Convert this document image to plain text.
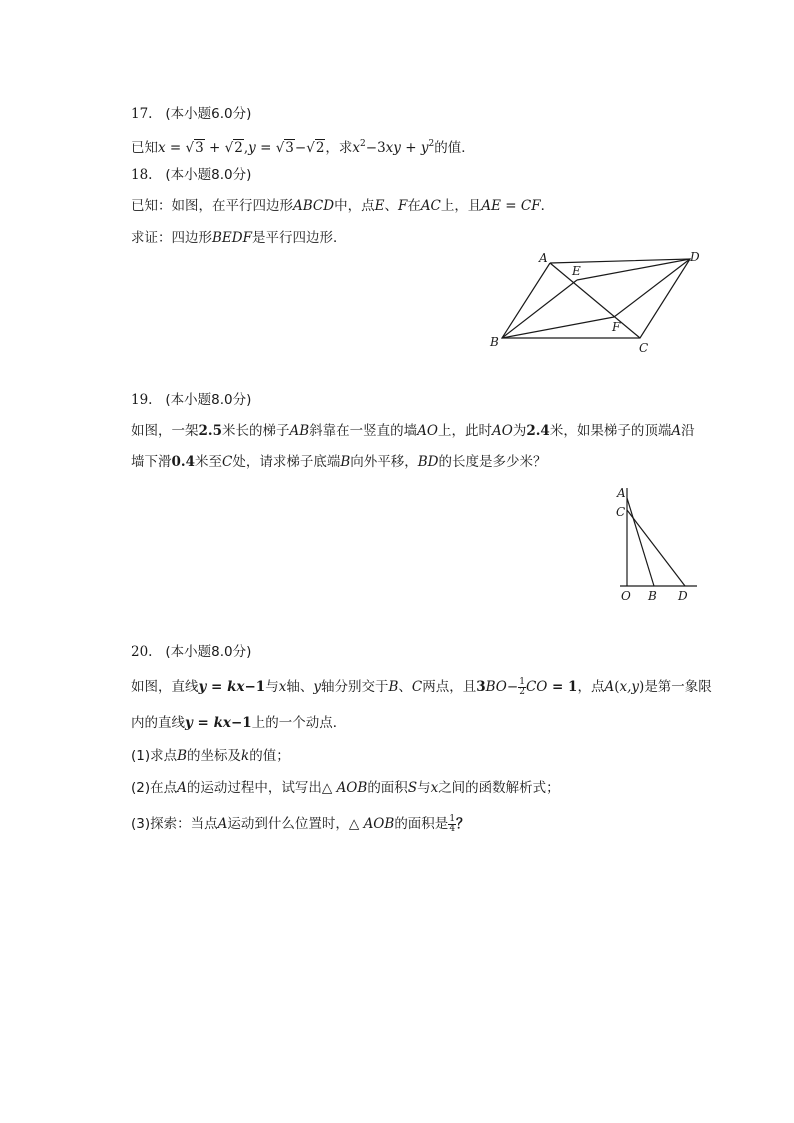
17. (本小题6.0分)
已知x = √3 + √2,y = √3−√2，求$x^2-3xy + y^2$的值．
18. (本小题8.0分)
已知：如图，在平行四边形ABCD中，点E、F在AC上，且AE = CF．
求证：四边形BEDF是平行四边形．
A
E
D
F
B	C
19. (本小题8.0分)
如图，一架2.5米长的梯子AB斜靠在一竖直的墙AO上，此时AO为2.4米，如果梯子的顶端A沿
墙下滑0.4米至C处，请求梯子底端B向外平移，BD的长度是多少米？
A
C
O B D
20. (本小题8.0分)
如图，直线y = kx−1与x轴、y轴分别交于B、C两点，且$3BO- \frac{1}{2}$ CO = 1，点A(x,y)是第一象限
内的直线y = kx−1上的一个动点．
(1)求点B的坐标及k的值；
(2)在点A的运动过程中，试写出△ AOB的面积S与x之间的函数解析式；
(3)探索：当点A运动到什么位置时，△ AOB的面积是 $\frac{1}{4}$ ？
